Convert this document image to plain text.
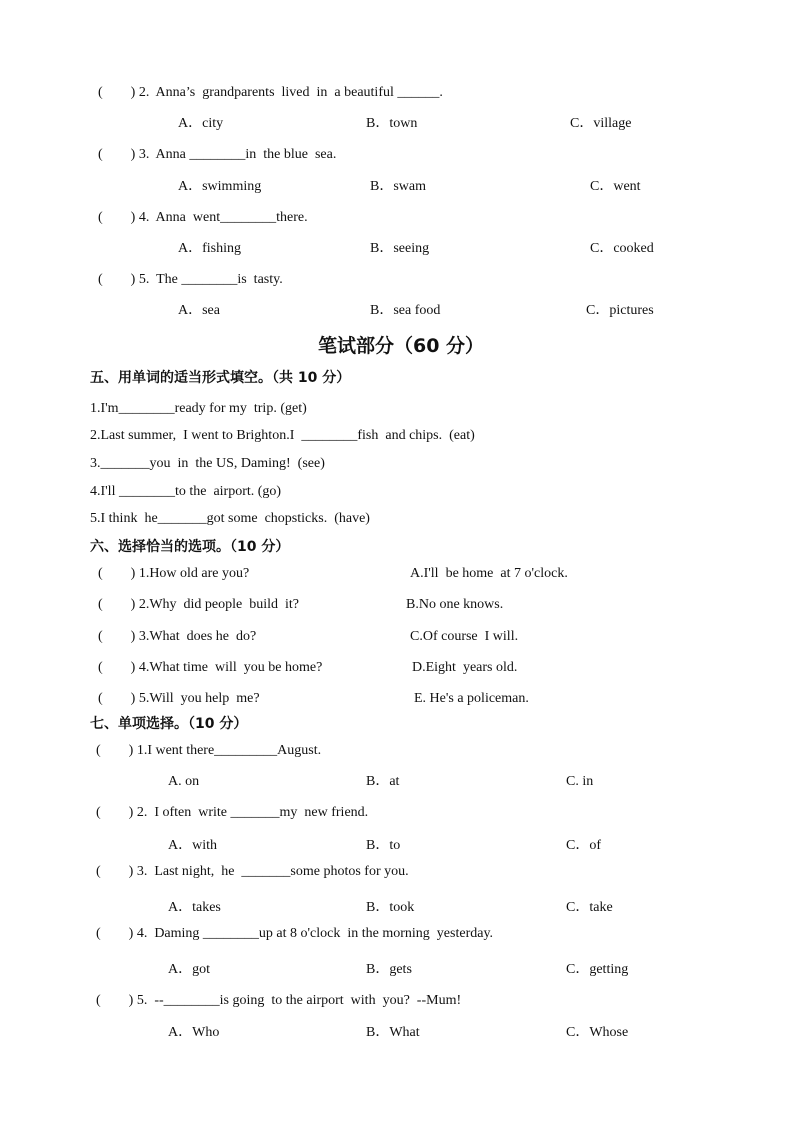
(        ) 2.  Anna’s  grandparents  lived  in  a beautiful ______.
A．city	B．town	C．village
(        ) 3.  Anna ________in  the blue  sea.
A．swimming	B．swam	C．went
(        ) 4.  Anna  went________there.
A．fishing	B．seeing	C．cooked
(        ) 5.  The ________is  tasty.
A．sea	B．sea food	C．pictures
笔试部分（60 分）
五、用单词的适当形式填空。（共 10 分）
1.I'm________ready for my  trip. (get)
2.Last summer,  I went to Brighton.I  ________fish  and chips.  (eat)
3._______you  in  the US, Daming!  (see)
4.I'll ________to the  airport. (go)
5.I think  he_______got some  chopsticks.  (have)
六、选择恰当的选项。（10 分）
(        ) 1.How old are you?	A.I'll  be home  at 7 o'clock.
(        ) 2.Why  did people  build  it?	B.No one knows.
(        ) 3.What  does he  do?	C.Of course  I will.
(        ) 4.What time  will  you be home?	D.Eight  years old.
(        ) 5.Will  you help  me?	E. He's a policeman.
七、单项选择。（10 分）
(        ) 1.I went there_________August.
A. on	B．at	C. in
(        ) 2.  I often  write _______my  new friend.
A．with	B．to	C．of
(        ) 3.  Last night,  he  _______some photos for you.
A．takes	B．took	C．take
(        ) 4.  Daming ________up at 8 o'clock  in the morning  yesterday.
A．got	B．gets	C．getting
(        ) 5.  --________is going  to the airport  with  you?  --Mum!
A．Who	B．What	C．Whose
